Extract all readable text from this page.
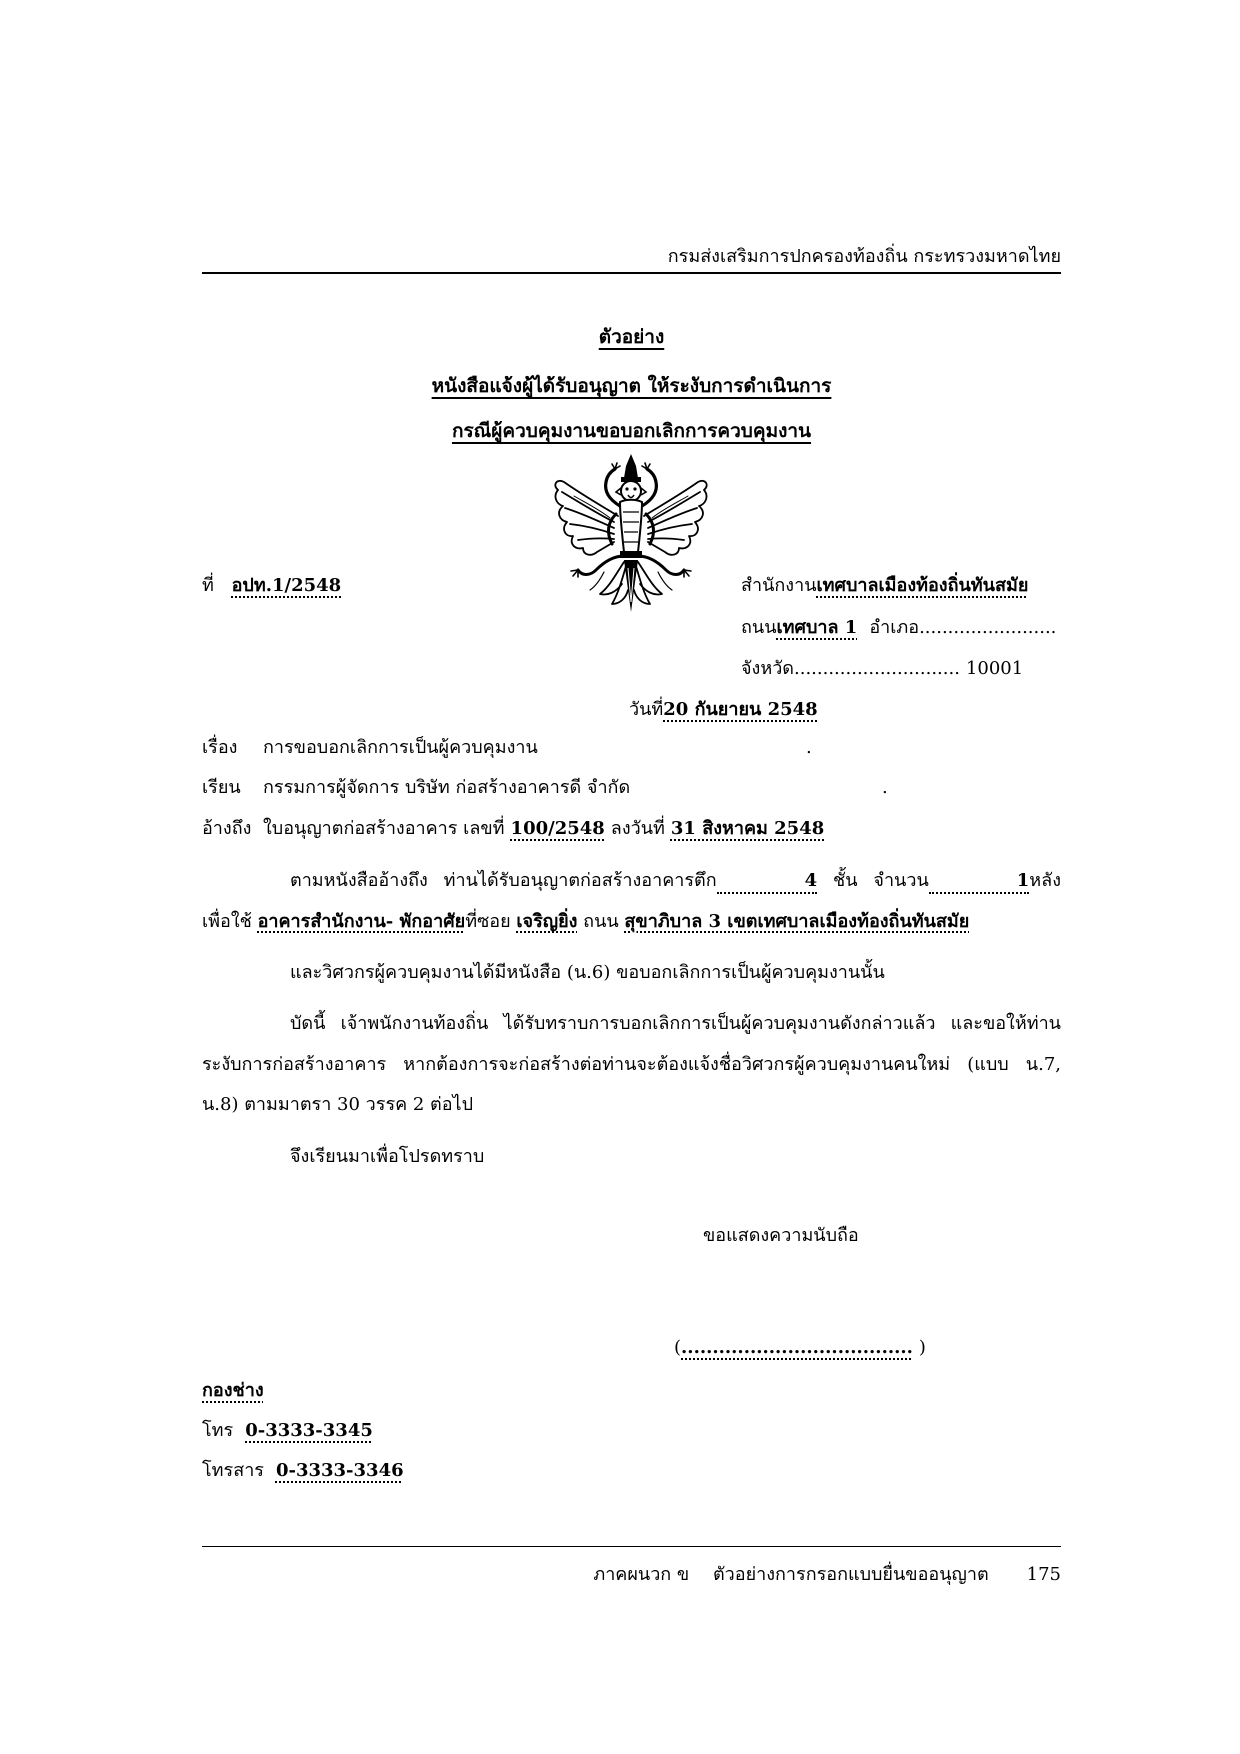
กรมส่งเสริมการปกครองท้องถิ่น กระทรวงมหาดไทย
ตัวอย่าง
หนังสือแจ้งผู้ได้รับอนุญาต ให้ระงับการดำเนินการ
กรณีผู้ควบคุมงานขอบอกเลิกการควบคุมงาน
ที่ อปท.1/2548	สำนักงานเทศบาลเมืองท้องถิ่นทันสมัย
ถนนเทศบาล 1 อำเภอ........................
จังหวัด............................. 10001
วันที่20 กันยายน 2548
เรื่อง การขอบอกเลิกการเป็นผู้ควบคุมงาน	.
เรียน กรรมการผู้จัดการ บริษัท ก่อสร้างอาคารดี จำกัด	.
อ้างถึง ใบอนุญาตก่อสร้างอาคาร เลขที่ 100/2548 ลงวันที่ 31 สิงหาคม 2548
ตามหนังสืออ้างถึง ท่านได้รับอนุญาตก่อสร้างอาคารตึก	4 ชั้น จำนวน	1หลัง เพื่อใช้ อาคารสำนักงาน- พักอาศัยที่ซอย เจริญยิ่ง ถนน สุขาภิบาล 3 เขตเทศบาลเมืองท้องถิ่นทันสมัย
และวิศวกรผู้ควบคุมงานได้มีหนังสือ (น.6) ขอบอกเลิกการเป็นผู้ควบคุมงานนั้น
บัดนี้ เจ้าพนักงานท้องถิ่น ได้รับทราบการบอกเลิกการเป็นผู้ควบคุมงานดังกล่าวแล้ว และขอให้ท่านระงับการก่อสร้างอาคาร หากต้องการจะก่อสร้างต่อท่านจะต้องแจ้งชื่อวิศวกรผู้ควบคุมงานคนใหม่ (แบบ น.7, น.8) ตามมาตรา 30 วรรค 2 ต่อไป
จึงเรียนมาเพื่อโปรดทราบ
ขอแสดงความนับถือ
(..................................... )
กองช่าง
โทร 0-3333-3345
โทรสาร 0-3333-3346
ภาคผนวก ข ตัวอย่างการกรอกแบบยื่นขออนุญาต 175
